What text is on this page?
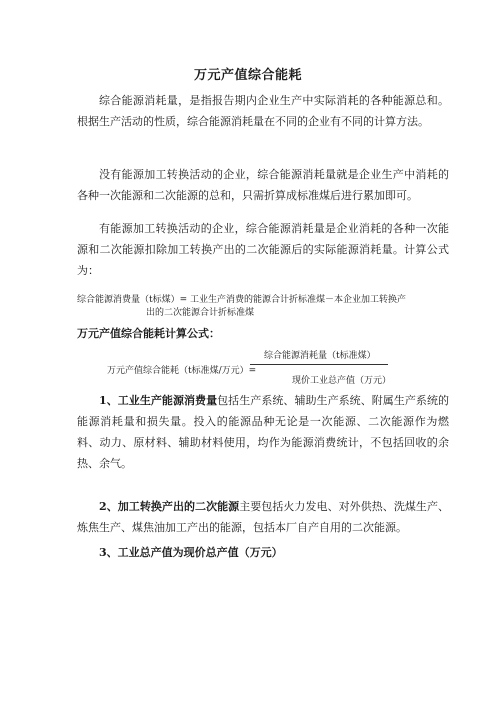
万元产值综合能耗

综合能源消耗量，是指报告期内企业生产中实际消耗的各种能源总和。根据生产活动的性质，综合能源消耗量在不同的企业有不同的计算方法。

没有能源加工转换活动的企业，综合能源消耗量就是企业生产中消耗的各种一次能源和二次能源的总和，只需折算成标准煤后进行累加即可。

有能源加工转换活动的企业，综合能源消耗量是企业消耗的各种一次能源和二次能源扣除加工转换产出的二次能源后的实际能源消耗量。计算公式为：

综合能源消费量（t标煤）= 工业生产消费的能源合计折标准煤－本企业加工转换产
出的二次能源合计折标准煤
万元产值综合能耗计算公式：
万元产值综合能耗（t标准煤/万元）=
综合能源消耗量（t标准煤）
现价工业总产值（万元）

1、工业生产能源消费量包括生产系统、辅助生产系统、附属生产系统的能源消耗量和损失量。投入的能源品种无论是一次能源、二次能源作为燃料、动力、原材料、辅助材料使用，均作为能源消费统计，不包括回收的余热、余气。

2、加工转换产出的二次能源主要包括火力发电、对外供热、洗煤生产、炼焦生产、煤焦油加工产出的能源，包括本厂自产自用的二次能源。

3、工业总产值为现价总产值（万元）
